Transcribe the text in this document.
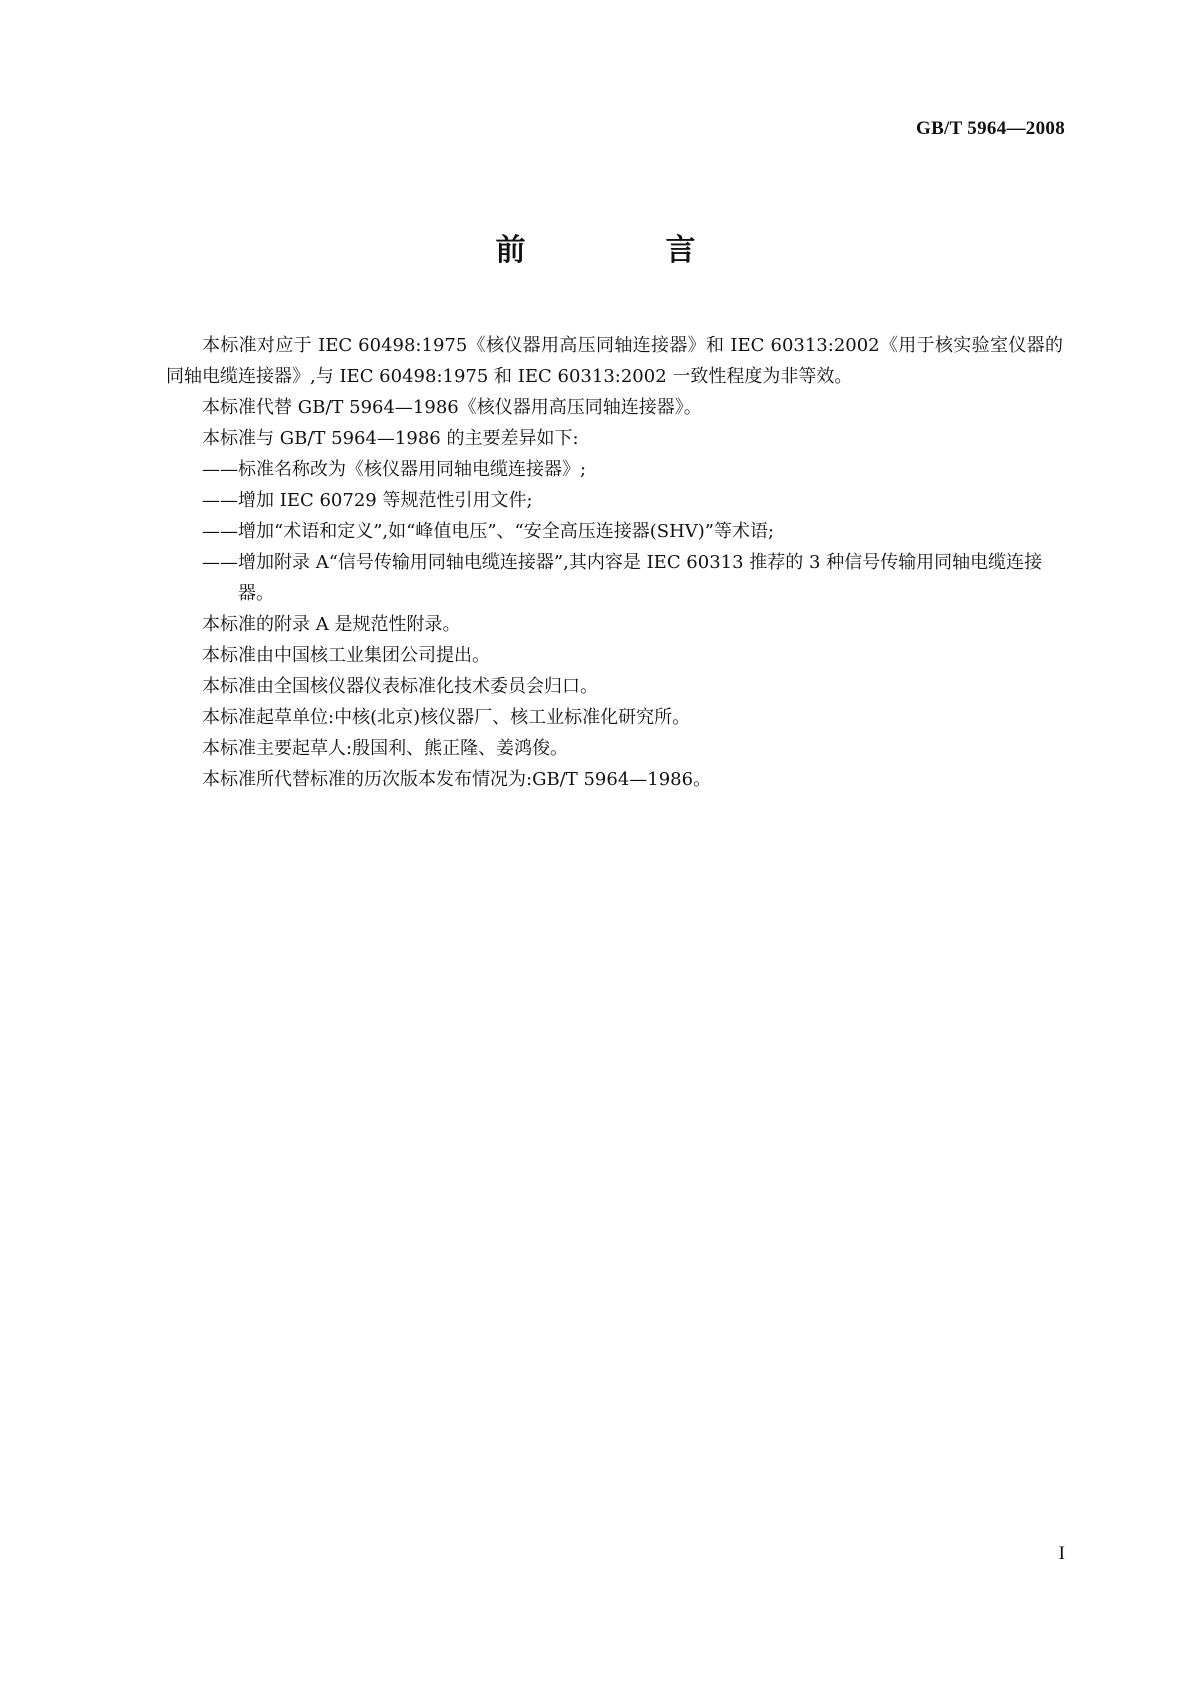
GB/T 5964—2008
前　言

本标准对应于 IEC 60498:1975《核仪器用高压同轴连接器》和 IEC 60313:2002《用于核实验室仪器的同轴电缆连接器》,与 IEC 60498:1975 和 IEC 60313:2002 一致性程度为非等效。

本标准代替 GB/T 5964—1986《核仪器用高压同轴连接器》。

本标准与 GB/T 5964—1986 的主要差异如下:

—— 标准名称改为《核仪器用同轴电缆连接器》;
—— 增加 IEC 60729 等规范性引用文件;
—— 增加“术语和定义”,如“峰值电压”、“安全高压连接器(SHV)”等术语;
—— 增加附录 A“信号传输用同轴电缆连接器”,其内容是 IEC 60313 推荐的 3 种信号传输用同轴电缆连接器。

本标准的附录 A 是规范性附录。

本标准由中国核工业集团公司提出。

本标准由全国核仪器仪表标准化技术委员会归口。

本标准起草单位:中核(北京)核仪器厂、核工业标准化研究所。

本标准主要起草人:殷国利、熊正隆、姜鸿俊。

本标准所代替标准的历次版本发布情况为:GB/T 5964—1986。

I
